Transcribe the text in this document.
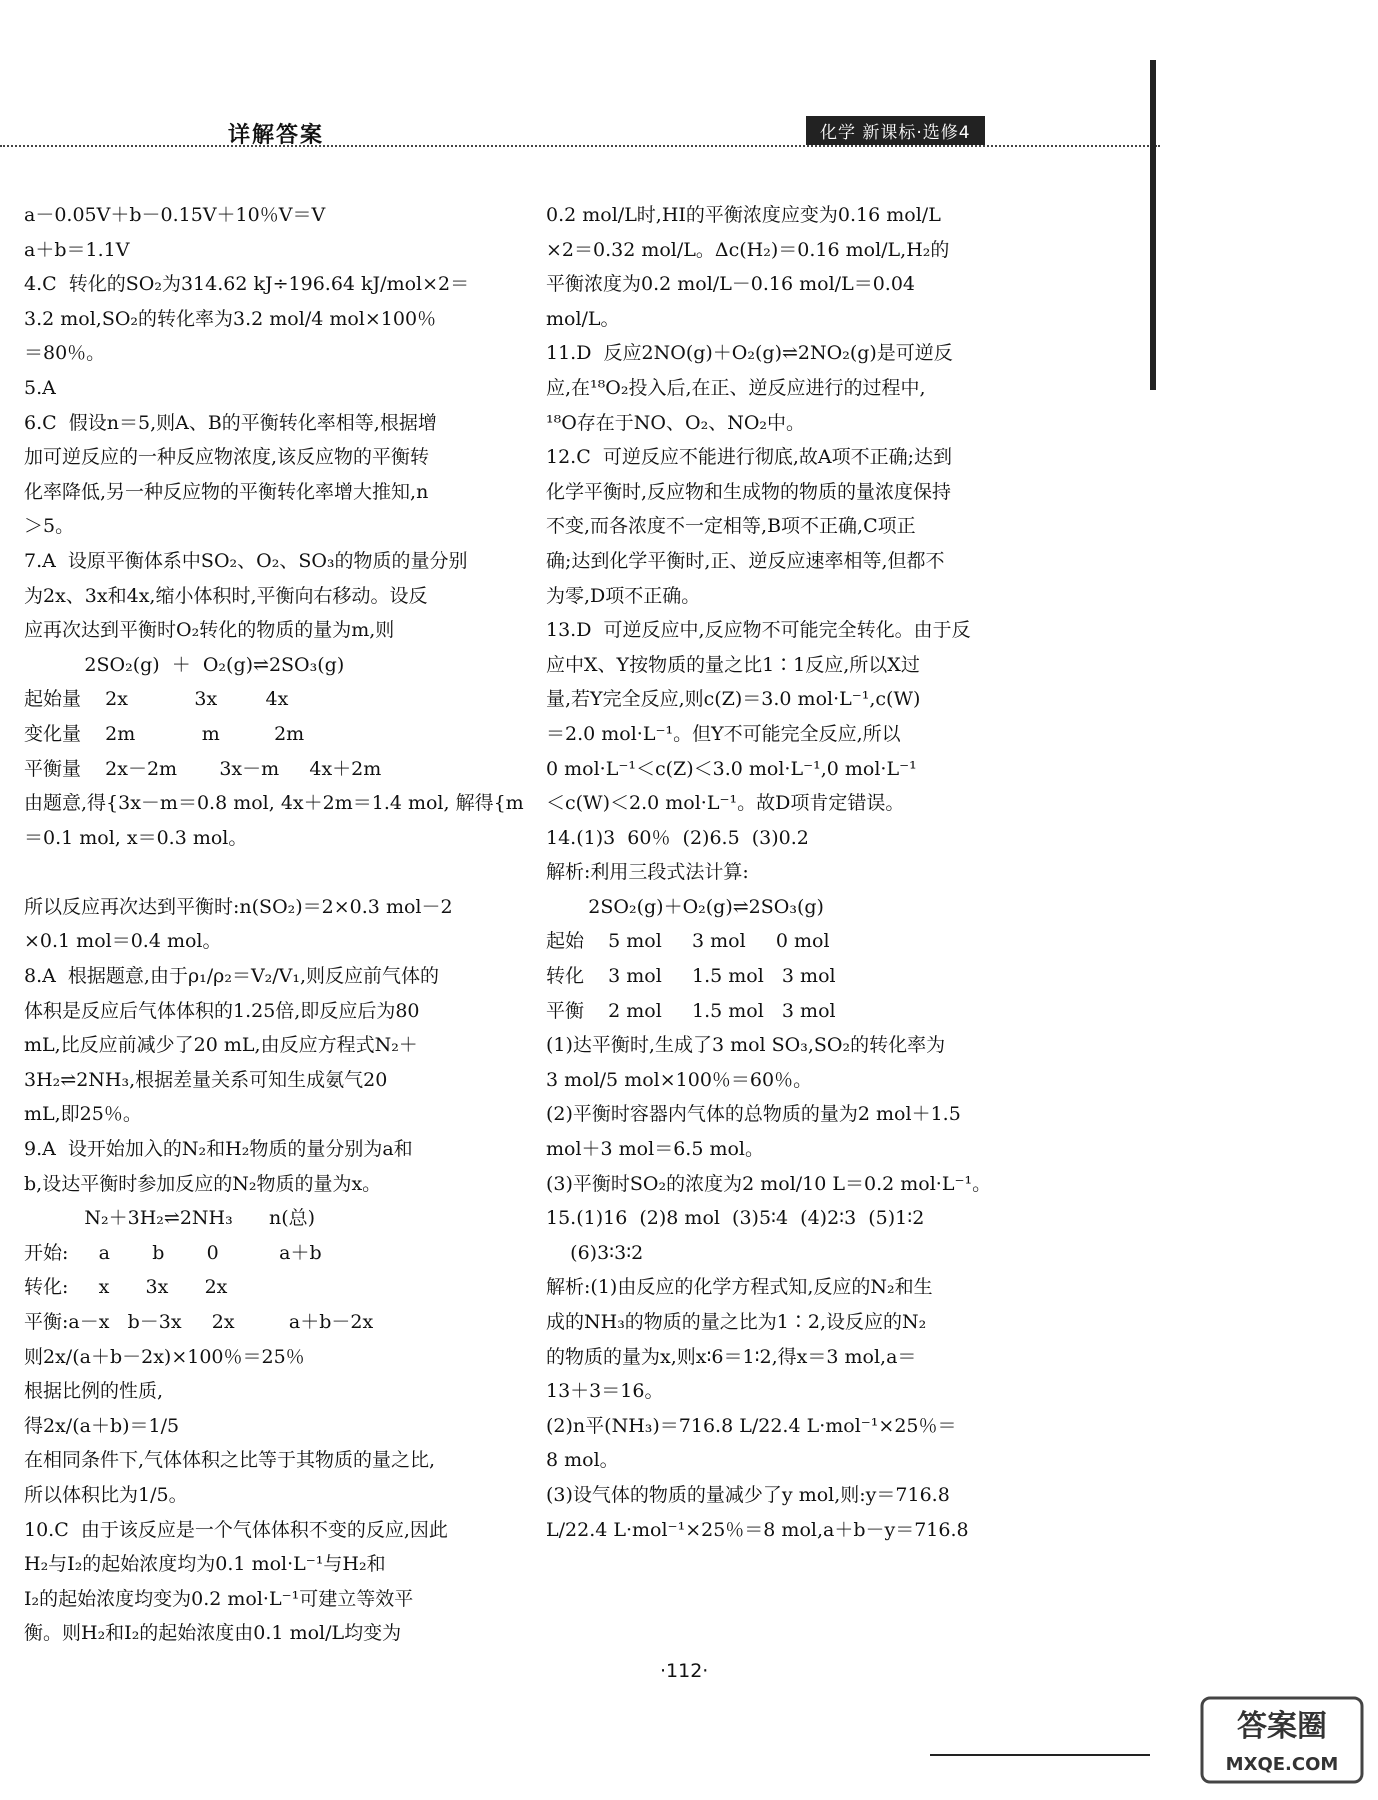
详解答案	化学 新课标·选修4

a－0.05V＋b－0.15V＋10％V＝V

a＋b＝1.1V

4.C  转化的SO₂为314.62 kJ÷196.64 kJ/mol×2＝

3.2 mol,SO₂的转化率为3.2 mol/4 mol×100％

＝80％。

5.A

6.C  假设n＝5,则A、B的平衡转化率相等,根据增

加可逆反应的一种反应物浓度,该反应物的平衡转

化率降低,另一种反应物的平衡转化率增大推知,n

＞5。

7.A  设原平衡体系中SO₂、O₂、SO₃的物质的量分别

为2x、3x和4x,缩小体积时,平衡向右移动。设反

应再次达到平衡时O₂转化的物质的量为m,则

2SO₂(g)  ＋  O₂(g)⇌2SO₃(g)

起始量    2x           3x        4x

变化量    2m           m         2m

平衡量    2x－2m       3x－m     4x＋2m

由题意,得{3x－m＝0.8 mol, 4x＋2m＝1.4 mol, 解得{m＝0.1 mol, x＝0.3 mol。

所以反应再次达到平衡时:n(SO₂)＝2×0.3 mol－2

×0.1 mol＝0.4 mol。

8.A  根据题意,由于ρ₁/ρ₂＝V₂/V₁,则反应前气体的

体积是反应后气体体积的1.25倍,即反应后为80

mL,比反应前减少了20 mL,由反应方程式N₂＋

3H₂⇌2NH₃,根据差量关系可知生成氨气20

mL,即25％。

9.A  设开始加入的N₂和H₂物质的量分别为a和

b,设达平衡时参加反应的N₂物质的量为x。

N₂＋3H₂⇌2NH₃      n(总)

开始:     a       b       0          a＋b

转化:     x      3x      2x

平衡:a－x   b－3x     2x         a＋b－2x

则2x/(a＋b－2x)×100％＝25％

根据比例的性质,

得2x/(a＋b)＝1/5

在相同条件下,气体体积之比等于其物质的量之比,

所以体积比为1/5。

10.C  由于该反应是一个气体体积不变的反应,因此

H₂与I₂的起始浓度均为0.1 mol·L⁻¹与H₂和

I₂的起始浓度均变为0.2 mol·L⁻¹可建立等效平

衡。则H₂和I₂的起始浓度由0.1 mol/L均变为

0.2 mol/L时,HI的平衡浓度应变为0.16 mol/L

×2＝0.32 mol/L。Δc(H₂)＝0.16 mol/L,H₂的

平衡浓度为0.2 mol/L－0.16 mol/L＝0.04

mol/L。

11.D  反应2NO(g)＋O₂(g)⇌2NO₂(g)是可逆反

应,在¹⁸O₂投入后,在正、逆反应进行的过程中,

¹⁸O存在于NO、O₂、NO₂中。

12.C  可逆反应不能进行彻底,故A项不正确;达到

化学平衡时,反应物和生成物的物质的量浓度保持

不变,而各浓度不一定相等,B项不正确,C项正

确;达到化学平衡时,正、逆反应速率相等,但都不

为零,D项不正确。

13.D  可逆反应中,反应物不可能完全转化。由于反

应中X、Y按物质的量之比1∶1反应,所以X过

量,若Y完全反应,则c(Z)＝3.0 mol·L⁻¹,c(W)

＝2.0 mol·L⁻¹。但Y不可能完全反应,所以

0 mol·L⁻¹＜c(Z)＜3.0 mol·L⁻¹,0 mol·L⁻¹

＜c(W)＜2.0 mol·L⁻¹。故D项肯定错误。

14.(1)3  60％  (2)6.5  (3)0.2

解析:利用三段式法计算:

2SO₂(g)＋O₂(g)⇌2SO₃(g)

起始    5 mol     3 mol     0 mol

转化    3 mol     1.5 mol   3 mol

平衡    2 mol     1.5 mol   3 mol

(1)达平衡时,生成了3 mol SO₃,SO₂的转化率为

3 mol/5 mol×100％＝60％。

(2)平衡时容器内气体的总物质的量为2 mol＋1.5

mol＋3 mol＝6.5 mol。

(3)平衡时SO₂的浓度为2 mol/10 L＝0.2 mol·L⁻¹。

15.(1)16  (2)8 mol  (3)5∶4  (4)2∶3  (5)1∶2

(6)3∶3∶2

解析:(1)由反应的化学方程式知,反应的N₂和生

成的NH₃的物质的量之比为1∶2,设反应的N₂

的物质的量为x,则x∶6＝1∶2,得x＝3 mol,a＝

13＋3＝16。

(2)n平(NH₃)＝716.8 L/22.4 L·mol⁻¹×25％＝

8 mol。

(3)设气体的物质的量减少了y mol,则:y＝716.8

L/22.4 L·mol⁻¹×25％＝8 mol,a＋b－y＝716.8

·112·
答案圈
MXQE.COM
